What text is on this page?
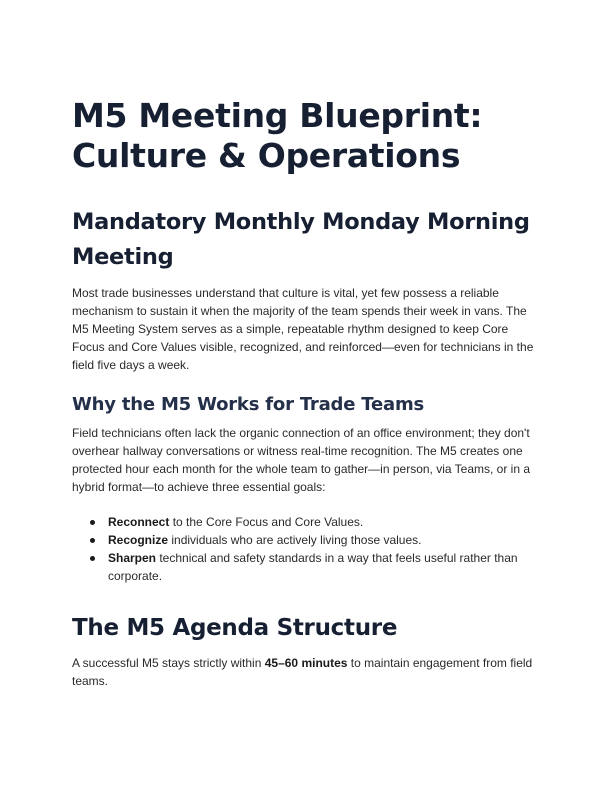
M5 Meeting Blueprint:
Culture & Operations
Mandatory Monthly Monday Morning Meeting

Most trade businesses understand that culture is vital, yet few possess a reliable mechanism to sustain it when the majority of the team spends their week in vans. The M5 Meeting System serves as a simple, repeatable rhythm designed to keep Core Focus and Core Values visible, recognized, and reinforced—even for technicians in the field five days a week.

Why the M5 Works for Trade Teams

Field technicians often lack the organic connection of an office environment; they don't overhear hallway conversations or witness real-time recognition. The M5 creates one protected hour each month for the whole team to gather—in person, via Teams, or in a hybrid format—to achieve three essential goals:

Reconnect to the Core Focus and Core Values.
Recognize individuals who are actively living those values.
Sharpen technical and safety standards in a way that feels useful rather than corporate.
The M5 Agenda Structure

A successful M5 stays strictly within 45–60 minutes to maintain engagement from field teams.
